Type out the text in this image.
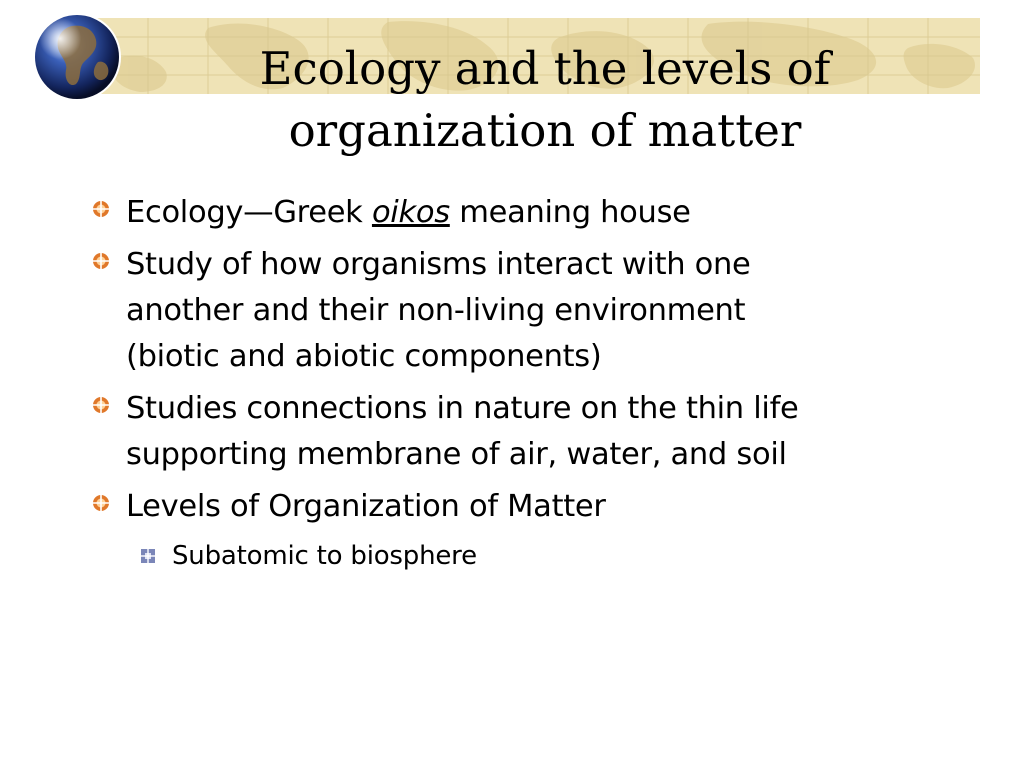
Ecology and the levels of
organization of matter
Ecology—Greek oikos meaning house
Study of how organisms interact with one
another and their non-living environment
(biotic and abiotic components)
Studies connections in nature on the thin life
supporting membrane of air, water, and soil
Levels of Organization of Matter
Subatomic to biosphere
